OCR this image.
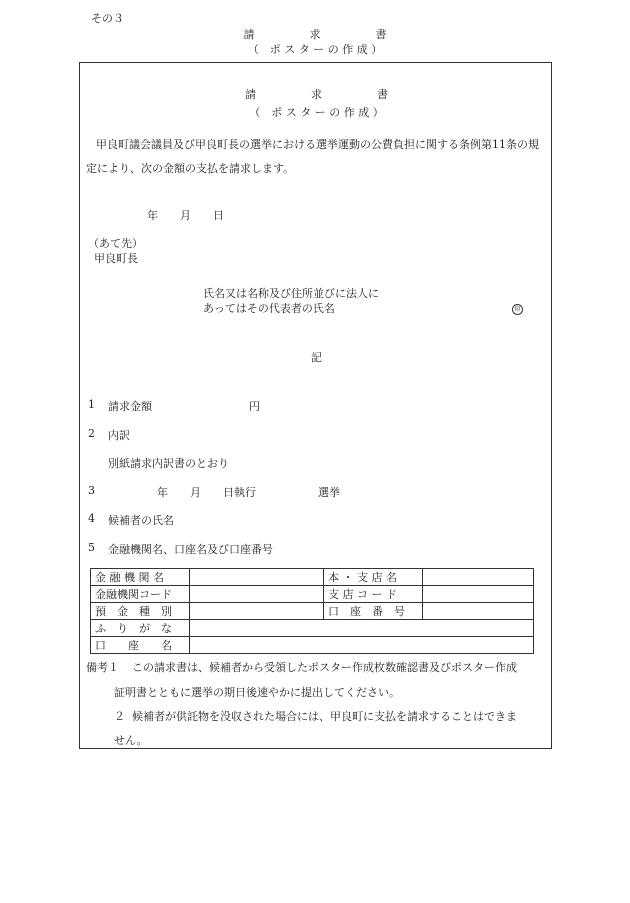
その３
請　　　　　求　　　　　書
（　ポ ス タ ー の 作 成 ）
請　　　　　求　　　　　書
（　ポ ス タ ー の 作 成 ）
甲良町議会議員及び甲良町長の選挙における選挙運動の公費負担に関する条例第11条の規定により、次の金額の支払を請求します。
年　　月　　日
（あて先）
甲良町長
氏名又は名称及び住所並びに法人に
あってはその代表者の氏名	印
記
1 請求金額	円
2 内訳
別紙請求内訳書のとおり
3	年　　月　　日執行	選挙
4 候補者の氏名
5 金融機関名、口座名及び口座番号
金 融 機 関 名		本 ・ 支 店 名	
金融機関コード		支 店 コ ー ド	
預　金　種　別		口　座　番　号	
ふ　り　が　な			
口　　座　　名			
備考１ この請求書は、候補者から受領したポスター作成枚数確認書及びポスター作成
証明書とともに選挙の期日後速やかに提出してください。
２ 候補者が供託物を没収された場合には、甲良町に支払を請求することはできま
せん。
